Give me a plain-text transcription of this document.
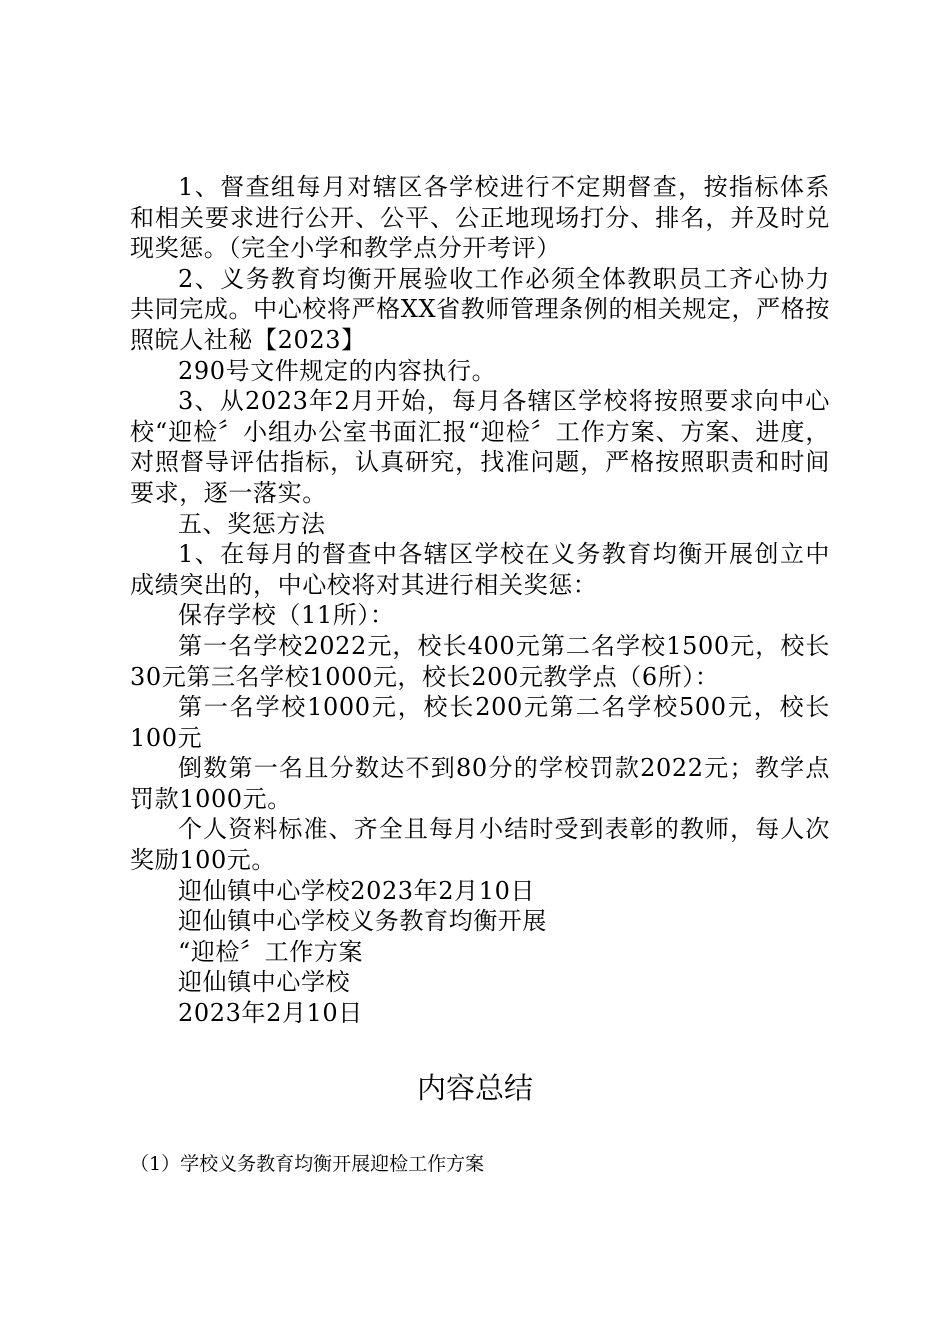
1、督查组每月对辖区各学校进行不定期督查，按指标体系和相关要求进行公开、公平、公正地现场打分、排名，并及时兑现奖惩。（完全小学和教学点分开考评）

2、义务教育均衡开展验收工作必须全体教职员工齐心协力共同完成。中心校将严格XX省教师管理条例的相关规定，严格按照皖人社秘【2023】

290号文件规定的内容执行。

3、从2023年2月开始，每月各辖区学校将按照要求向中心校“迎检〞小组办公室书面汇报“迎检〞工作方案、方案、进度，对照督导评估指标，认真研究，找准问题，严格按照职责和时间要求，逐一落实。

五、奖惩方法

1、在每月的督查中各辖区学校在义务教育均衡开展创立中成绩突出的，中心校将对其进行相关奖惩：

保存学校（11所）：

第一名学校2022元，校长400元第二名学校1500元，校长30元第三名学校1000元，校长200元教学点（6所）：

第一名学校1000元，校长200元第二名学校500元，校长100元

倒数第一名且分数达不到80分的学校罚款2022元；教学点罚款1000元。

个人资料标准、齐全且每月小结时受到表彰的教师，每人次奖励100元。

迎仙镇中心学校2023年2月10日

迎仙镇中心学校义务教育均衡开展

“迎检〞工作方案

迎仙镇中心学校

2023年2月10日

内容总结

（1）学校义务教育均衡开展迎检工作方案
